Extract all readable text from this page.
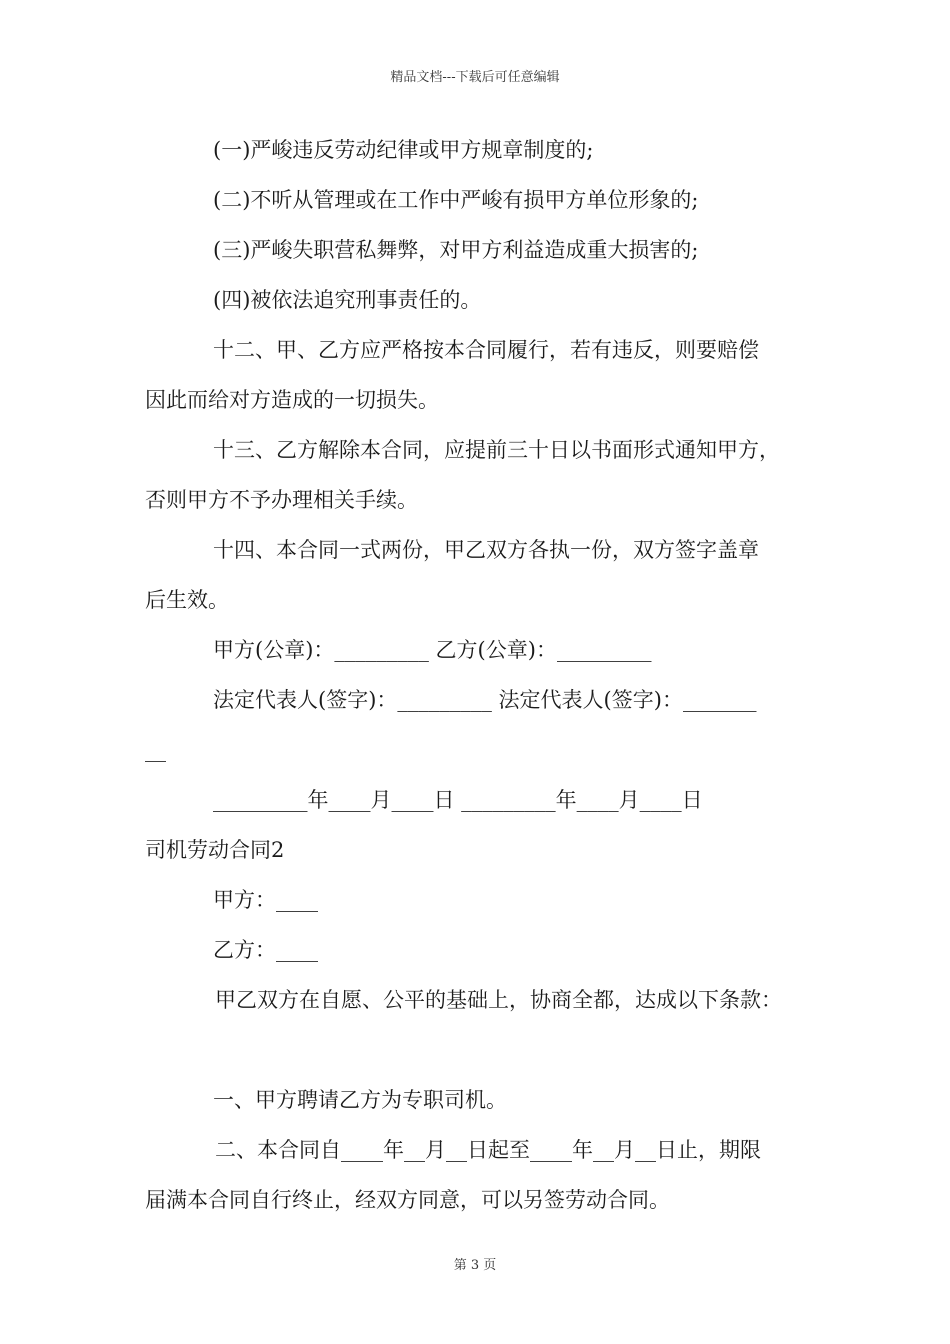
精品文档---下载后可任意编辑
(一)严峻违反劳动纪律或甲方规章制度的;
(二)不听从管理或在工作中严峻有损甲方单位形象的;
(三)严峻失职营私舞弊，对甲方利益造成重大损害的;
(四)被依法追究刑事责任的。
十二、甲、乙方应严格按本合同履行，若有违反，则要赔偿
因此而给对方造成的一切损失。
十三、乙方解除本合同，应提前三十日以书面形式通知甲方，
否则甲方不予办理相关手续。
十四、本合同一式两份，甲乙双方各执一份，双方签字盖章
后生效。
甲方(公章)：_________ 乙方(公章)：_________
法定代表人(签字)：_________ 法定代表人(签字)：_______
__
_________年____月____日 _________年____月____日
司机劳动合同2
甲方：____
乙方：____
甲乙双方在自愿、公平的基础上，协商全都，达成以下条款：
一、甲方聘请乙方为专职司机。
二、本合同自____年__月__日起至____年__月__日止，期限
届满本合同自行终止，经双方同意，可以另签劳动合同。
第 3 页
